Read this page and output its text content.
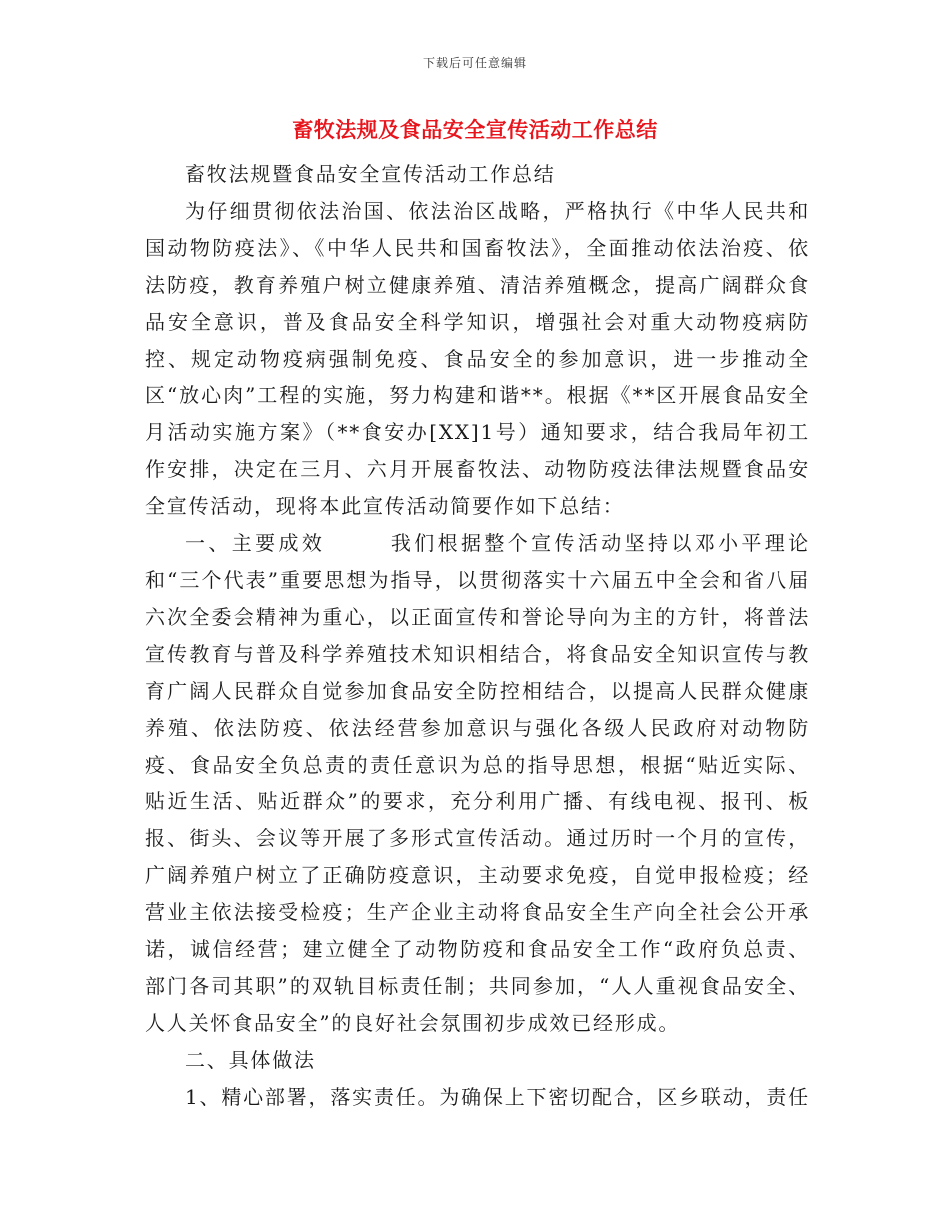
下载后可任意编辑
畜牧法规及食品安全宣传活动工作总结

畜牧法规暨食品安全宣传活动工作总结

为仔细贯彻依法治国、依法治区战略，严格执行《中华人民共和国动物防疫法》、《中华人民共和国畜牧法》，全面推动依法治疫、依法防疫，教育养殖户树立健康养殖、清洁养殖概念，提高广阔群众食品安全意识，普及食品安全科学知识，增强社会对重大动物疫病防控、规定动物疫病强制免疫、食品安全的参加意识，进一步推动全区“放心肉”工程的实施，努力构建和谐**。根据《**区开展食品安全月活动实施方案》（**食安办[XX]1号）通知要求，结合我局年初工作安排，决定在三月、六月开展畜牧法、动物防疫法律法规暨食品安全宣传活动，现将本此宣传活动简要作如下总结：

一、主要成效	我们根据整个宣传活动坚持以邓小平理论和“三个代表”重要思想为指导，以贯彻落实十六届五中全会和省八届六次全委会精神为重心，以正面宣传和誉论导向为主的方针，将普法宣传教育与普及科学养殖技术知识相结合，将食品安全知识宣传与教育广阔人民群众自觉参加食品安全防控相结合，以提高人民群众健康养殖、依法防疫、依法经营参加意识与强化各级人民政府对动物防疫、食品安全负总责的责任意识为总的指导思想，根据“贴近实际、贴近生活、贴近群众”的要求，充分利用广播、有线电视、报刊、板报、街头、会议等开展了多形式宣传活动。通过历时一个月的宣传，广阔养殖户树立了正确防疫意识，主动要求免疫，自觉申报检疫；经营业主依法接受检疫；生产企业主动将食品安全生产向全社会公开承诺，诚信经营；建立健全了动物防疫和食品安全工作“政府负总责、部门各司其职”的双轨目标责任制；共同参加，“人人重视食品安全、人人关怀食品安全”的良好社会氛围初步成效已经形成。

二、具体做法

1、精心部署，落实责任。为确保上下密切配合，区乡联动，责任
